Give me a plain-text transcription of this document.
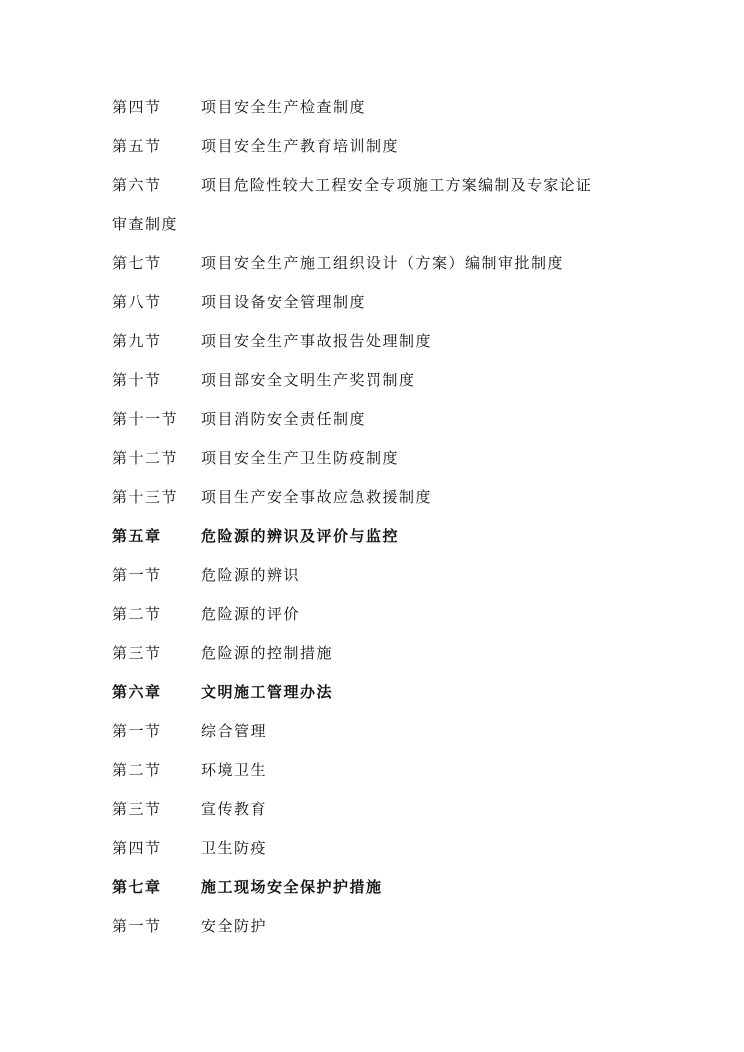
第四节	项目安全生产检查制度
第五节	项目安全生产教育培训制度
第六节	项目危险性较大工程安全专项施工方案编制及专家论证
审查制度
第七节	项目安全生产施工组织设计（方案）编制审批制度
第八节	项目设备安全管理制度
第九节	项目安全生产事故报告处理制度
第十节	项目部安全文明生产奖罚制度
第十一节 项目消防安全责任制度
第十二节 项目安全生产卫生防疫制度
第十三节 项目生产安全事故应急救援制度
第五章	危险源的辨识及评价与监控
第一节	危险源的辨识
第二节	危险源的评价
第三节	危险源的控制措施
第六章	文明施工管理办法
第一节	综合管理
第二节	环境卫生
第三节	宣传教育
第四节	卫生防疫
第七章	施工现场安全保护护措施
第一节	安全防护
